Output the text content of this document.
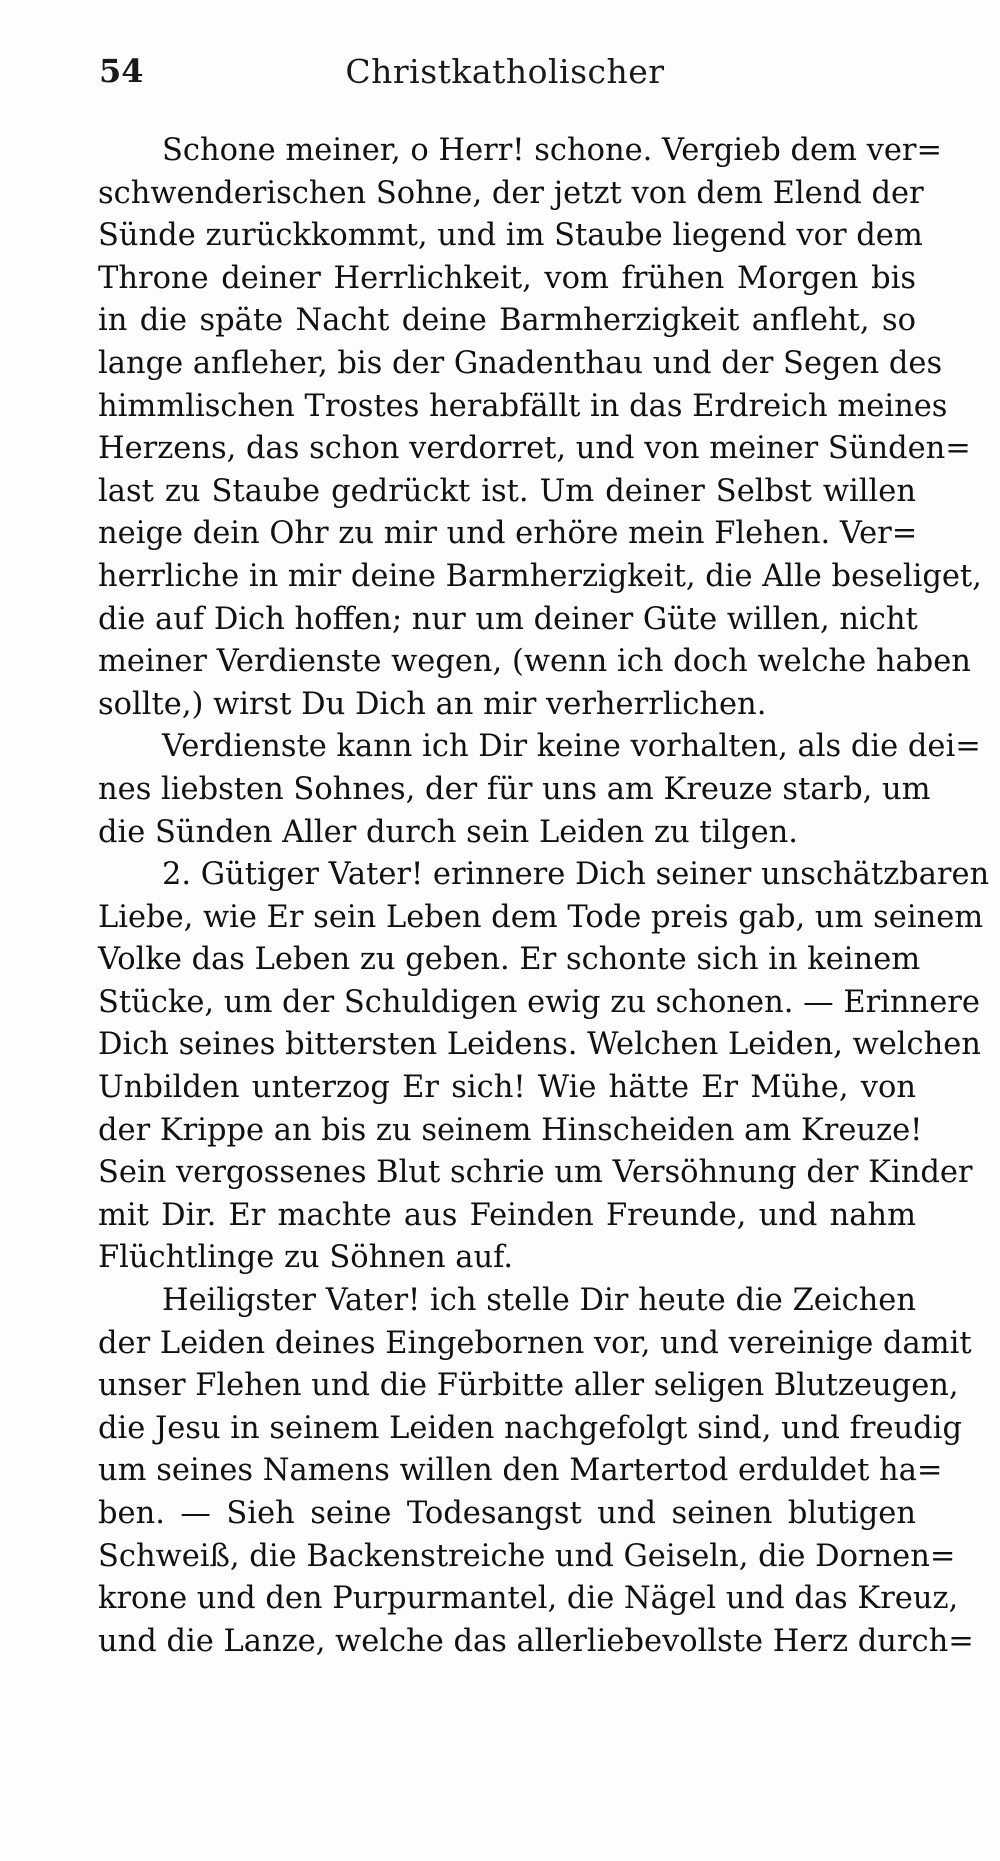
54	Christkatholischer
Schone meiner, o Herr! schone. Vergieb dem ver=
schwenderischen Sohne, der jetzt von dem Elend der
Sünde zurückkommt, und im Staube liegend vor dem
Throne deiner Herrlichkeit, vom frühen Morgen bis
in die späte Nacht deine Barmherzigkeit anfleht, so
lange anfleher, bis der Gnadenthau und der Segen des
himmlischen Trostes herabfällt in das Erdreich meines
Herzens, das schon verdorret, und von meiner Sünden=
last zu Staube gedrückt ist. Um deiner Selbst willen
neige dein Ohr zu mir und erhöre mein Flehen. Ver=
herrliche in mir deine Barmherzigkeit, die Alle beseliget,
die auf Dich hoffen; nur um deiner Güte willen, nicht
meiner Verdienste wegen, (wenn ich doch welche haben
sollte,) wirst Du Dich an mir verherrlichen.
Verdienste kann ich Dir keine vorhalten, als die dei=
nes liebsten Sohnes, der für uns am Kreuze starb, um
die Sünden Aller durch sein Leiden zu tilgen.
2. Gütiger Vater! erinnere Dich seiner unschätzbaren
Liebe, wie Er sein Leben dem Tode preis gab, um seinem
Volke das Leben zu geben. Er schonte sich in keinem
Stücke, um der Schuldigen ewig zu schonen. — Erinnere
Dich seines bittersten Leidens. Welchen Leiden, welchen
Unbilden unterzog Er sich! Wie hätte Er Mühe, von
der Krippe an bis zu seinem Hinscheiden am Kreuze!
Sein vergossenes Blut schrie um Versöhnung der Kinder
mit Dir. Er machte aus Feinden Freunde, und nahm
Flüchtlinge zu Söhnen auf.
Heiligster Vater! ich stelle Dir heute die Zeichen
der Leiden deines Eingebornen vor, und vereinige damit
unser Flehen und die Fürbitte aller seligen Blutzeugen,
die Jesu in seinem Leiden nachgefolgt sind, und freudig
um seines Namens willen den Martertod erduldet ha=
ben. — Sieh seine Todesangst und seinen blutigen
Schweiß, die Backenstreiche und Geiseln, die Dornen=
krone und den Purpurmantel, die Nägel und das Kreuz,
und die Lanze, welche das allerliebevollste Herz durch=
